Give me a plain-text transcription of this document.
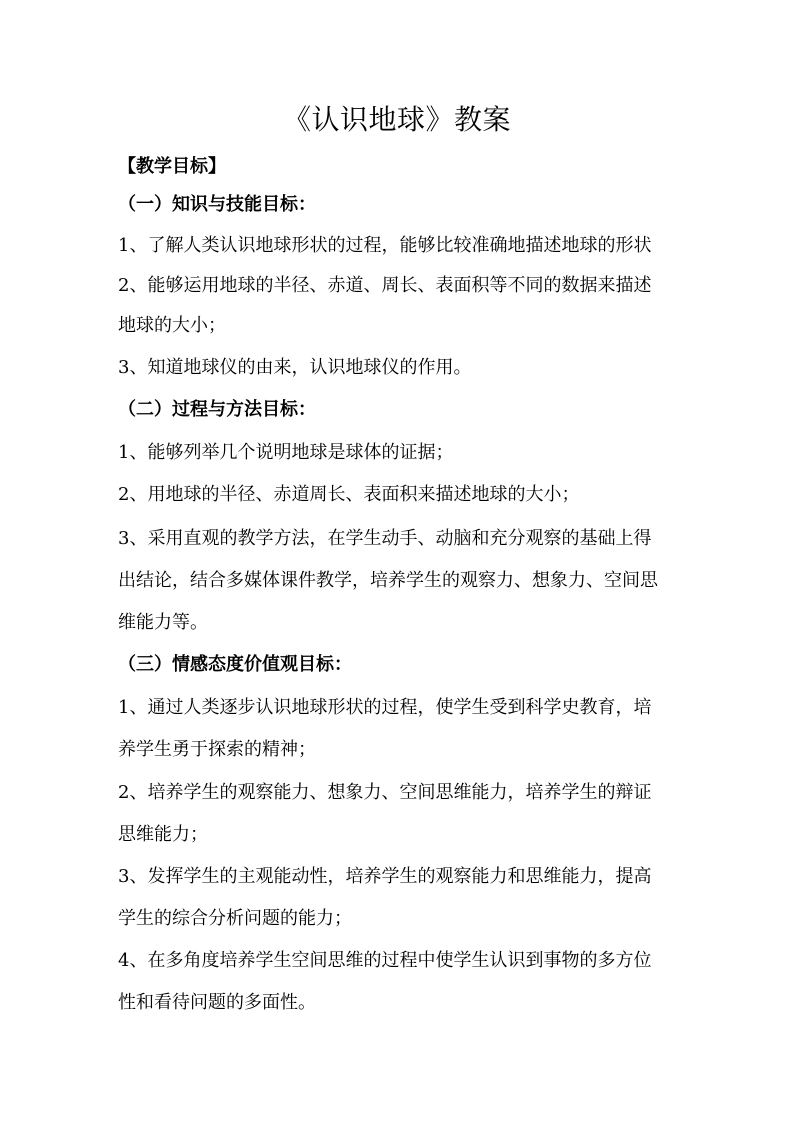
《认识地球》教案
【教学目标】
（一）知识与技能目标：
1、了解人类认识地球形状的过程，能够比较准确地描述地球的形状
2、能够运用地球的半径、赤道、周长、表面积等不同的数据来描述
地球的大小；
3、知道地球仪的由来，认识地球仪的作用。
（二）过程与方法目标：
1、能够列举几个说明地球是球体的证据；
2、用地球的半径、赤道周长、表面积来描述地球的大小；
3、采用直观的教学方法，在学生动手、动脑和充分观察的基础上得
出结论，结合多媒体课件教学，培养学生的观察力、想象力、空间思
维能力等。
（三）情感态度价值观目标：
1、通过人类逐步认识地球形状的过程，使学生受到科学史教育，培
养学生勇于探索的精神；
2、培养学生的观察能力、想象力、空间思维能力，培养学生的辩证
思维能力；
3、发挥学生的主观能动性，培养学生的观察能力和思维能力，提高
学生的综合分析问题的能力；
4、在多角度培养学生空间思维的过程中使学生认识到事物的多方位
性和看待问题的多面性。
